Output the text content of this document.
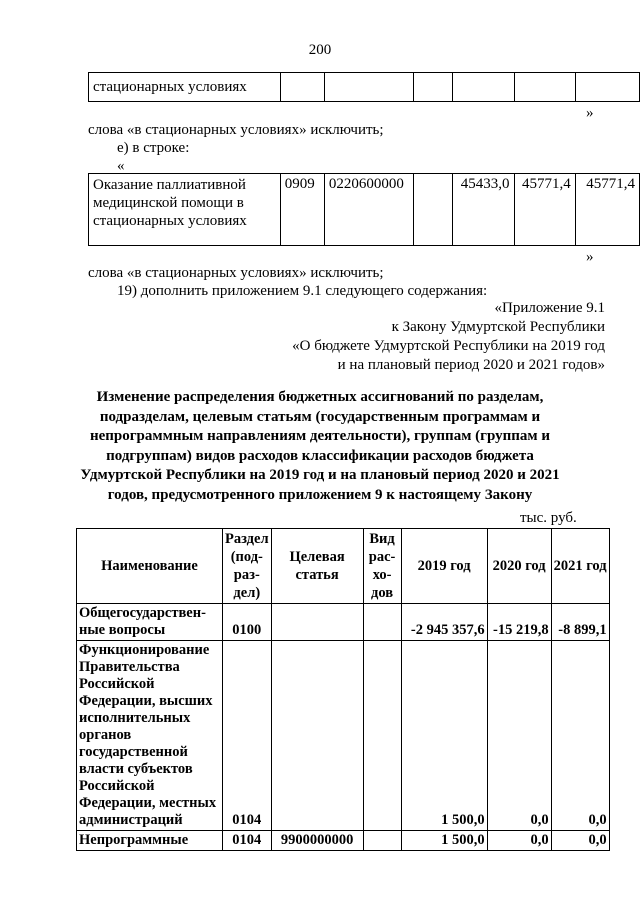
200
стационарных условиях						
»
слова «в стационарных условиях» исключить;
е) в строке:
«
Оказание паллиативной медицинской помощи в стационарных условиях	0909	0220600000		45433,0	45771,4	45771,4
»
слова «в стационарных условиях» исключить;
19) дополнить приложением 9.1 следующего содержания:
«Приложение 9.1
к Закону Удмуртской Республики
«О бюджете Удмуртской Республики на 2019 год
и на плановый период 2020 и 2021 годов»
Изменение распределения бюджетных ассигнований по разделам, подразделам, целевым статьям (государственным программам и непрограммным направлениям деятельности), группам (группам и подгруппам) видов расходов классификации расходов бюджета Удмуртской Республики на 2019 год и на плановый период 2020 и 2021 годов, предусмотренного приложением 9 к настоящему Закону
тыс. руб.
Наименование	Раздел (под-раз-дел)	Целевая статья	Вид рас-хо-дов	2019 год	2020 год	2021 год
Общегосударствен-ные вопросы	0100			-2 945 357,6	-15 219,8	-8 899,1
Функционирование Правительства Российской Федерации, высших исполнительных органов государственной власти субъектов Российской Федерации, местных администраций	0104			1 500,0	0,0	0,0
Непрограммные	0104	9900000000		1 500,0	0,0	0,0
